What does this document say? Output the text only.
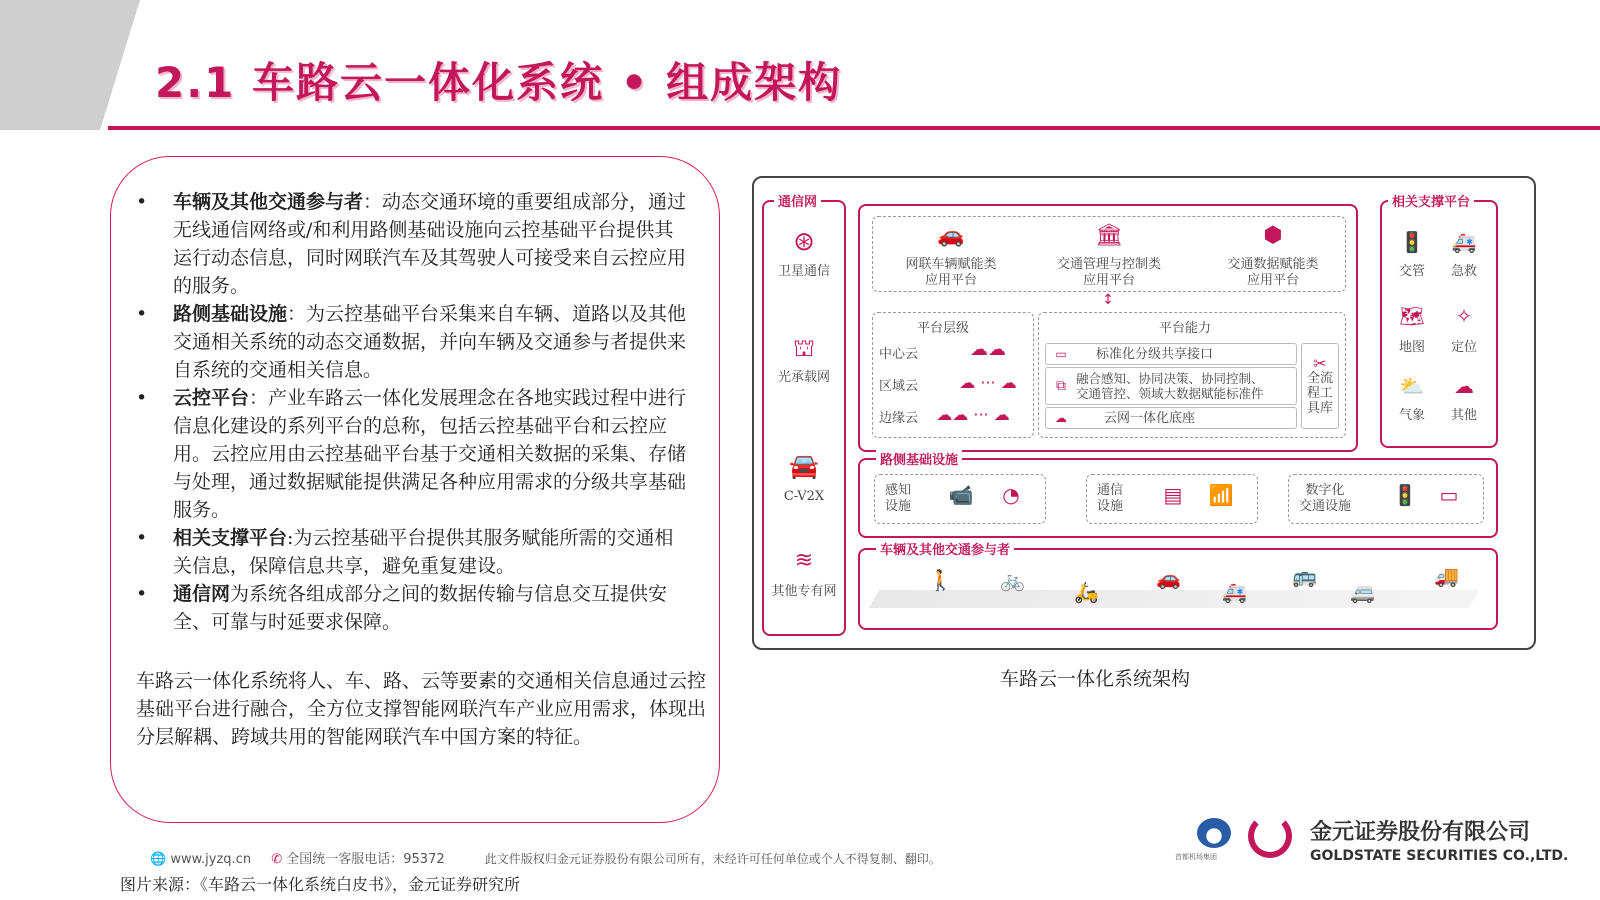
2.1 车路云一体化系统 • 组成架构
• 车辆及其他交通参与者：动态交通环境的重要组成部分，通过无线通信网络或/和利用路侧基础设施向云控基础平台提供其运行动态信息，同时网联汽车及其驾驶人可接受来自云控应用的服务。
• 路侧基础设施：为云控基础平台采集来自车辆、道路以及其他交通相关系统的动态交通数据，并向车辆及交通参与者提供来自系统的交通相关信息。
• 云控平台：产业车路云一体化发展理念在各地实践过程中进行信息化建设的系列平台的总称，包括云控基础平台和云控应用。云控应用由云控基础平台基于交通相关数据的采集、存储与处理，通过数据赋能提供满足各种应用需求的分级共享基础服务。
• 相关支撑平台:为云控基础平台提供其服务赋能所需的交通相关信息，保障信息共享，避免重复建设。
• 通信网为系统各组成部分之间的数据传输与信息交互提供安全、可靠与时延要求保障。
车路云一体化系统将人、车、路、云等要素的交通相关信息通过云控基础平台进行融合，全方位支撑智能网联汽车产业应用需求，体现出分层解耦、跨域共用的智能网联汽车中国方案的特征。
通信网
⊛
卫星通信
⛫
光承载网
🚘
C-V2X
≋
其他专有网
🚗
网联车辆赋能类
应用平台
🏛
交通管理与控制类
应用平台
⬢
交通数据赋能类
应用平台
↕
平台层级
中心云
区域云
边缘云
☁☁
☁ ··· ☁
☁☁ ··· ☁
平台能力
▭	标准化分级共享接口
⧉ 融合感知、协同决策、协同控制、
交通管控、领域大数据赋能标准件
☁	云网一体化底座
✂
全流
程工
具库
相关支撑平台
🚦
交管
🚑
急救
🗺
地图
✧
定位
⛅
气象
☁
其他
路侧基础设施
感知
设施	📹	◔	通信
设施	▤	📶	数字化
交通设施	🚦	▭
车辆及其他交通参与者
🚶 🚲 🛵
🚗
🚑
🚌
🚐
🚚
车路云一体化系统架构
🌐 www.jyzq.cn ✆ 全国统一客服电话：95372	此文件版权归金元证券股份有限公司所有，未经许可任何单位或个人不得复制、翻印。	首都机场集团
金元证券股份有限公司
GOLDSTATE SECURITIES CO.,LTD.
图片来源：《车路云一体化系统白皮书》，金元证券研究所
